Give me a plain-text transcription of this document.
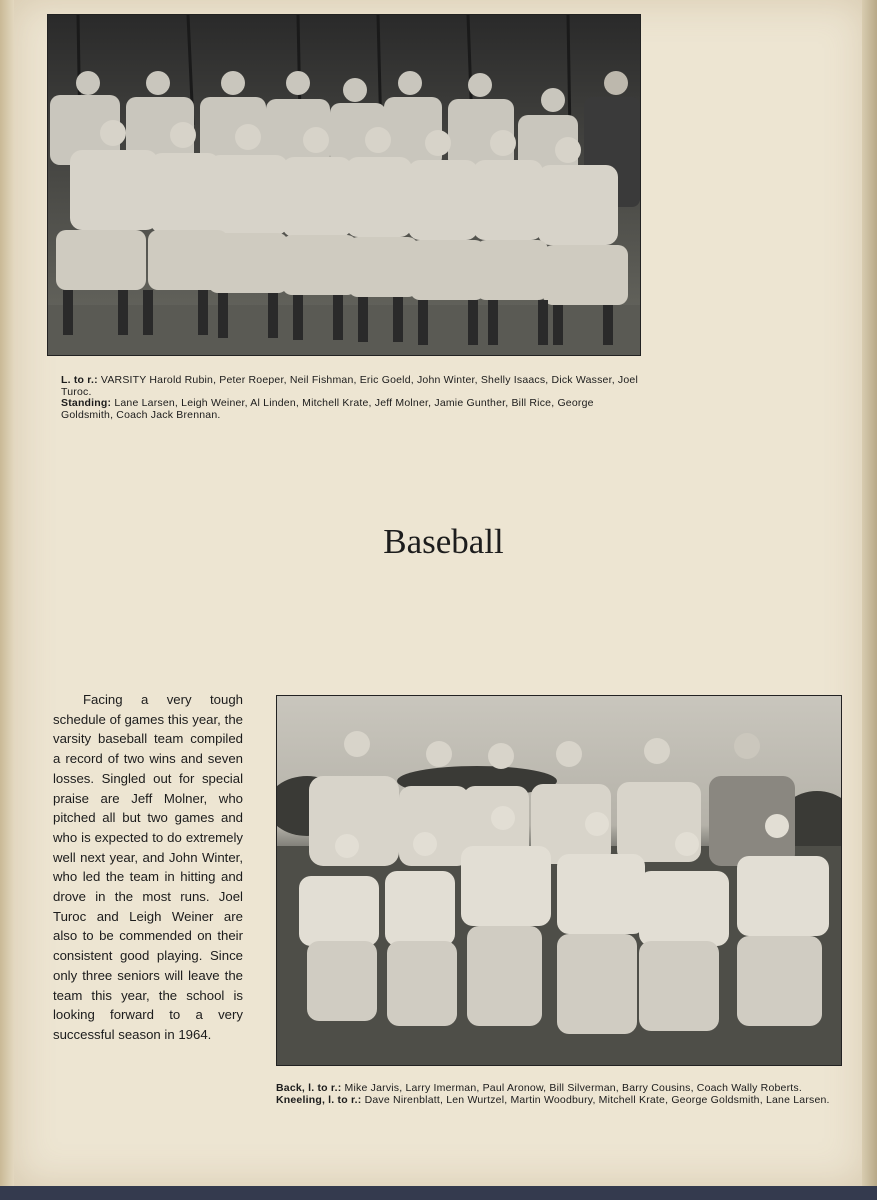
L. to r.: VARSITY Harold Rubin, Peter Roeper, Neil Fishman, Eric Goeld, John Winter, Shelly Isaacs, Dick Wasser, Joel Turoc.
Standing: Lane Larsen, Leigh Weiner, Al Linden, Mitchell Krate, Jeff Molner, Jamie Gunther, Bill Rice, George Goldsmith, Coach Jack Brennan.
Baseball
Facing a very tough schedule of games this year, the varsity baseball team compiled a record of two wins and seven losses. Singled out for special praise are Jeff Molner, who pitched all but two games and who is expected to do extremely well next year, and John Winter, who led the team in hitting and drove in the most runs. Joel Turoc and Leigh Weiner are also to be commended on their consistent good playing. Since only three seniors will leave the team this year, the school is looking forward to a very successful season in 1964.
Back, l. to r.: Mike Jarvis, Larry Imerman, Paul Aronow, Bill Silverman, Barry Cousins, Coach Wally Roberts.
Kneeling, l. to r.: Dave Nirenblatt, Len Wurtzel, Martin Woodbury, Mitchell Krate, George Goldsmith, Lane Larsen.
